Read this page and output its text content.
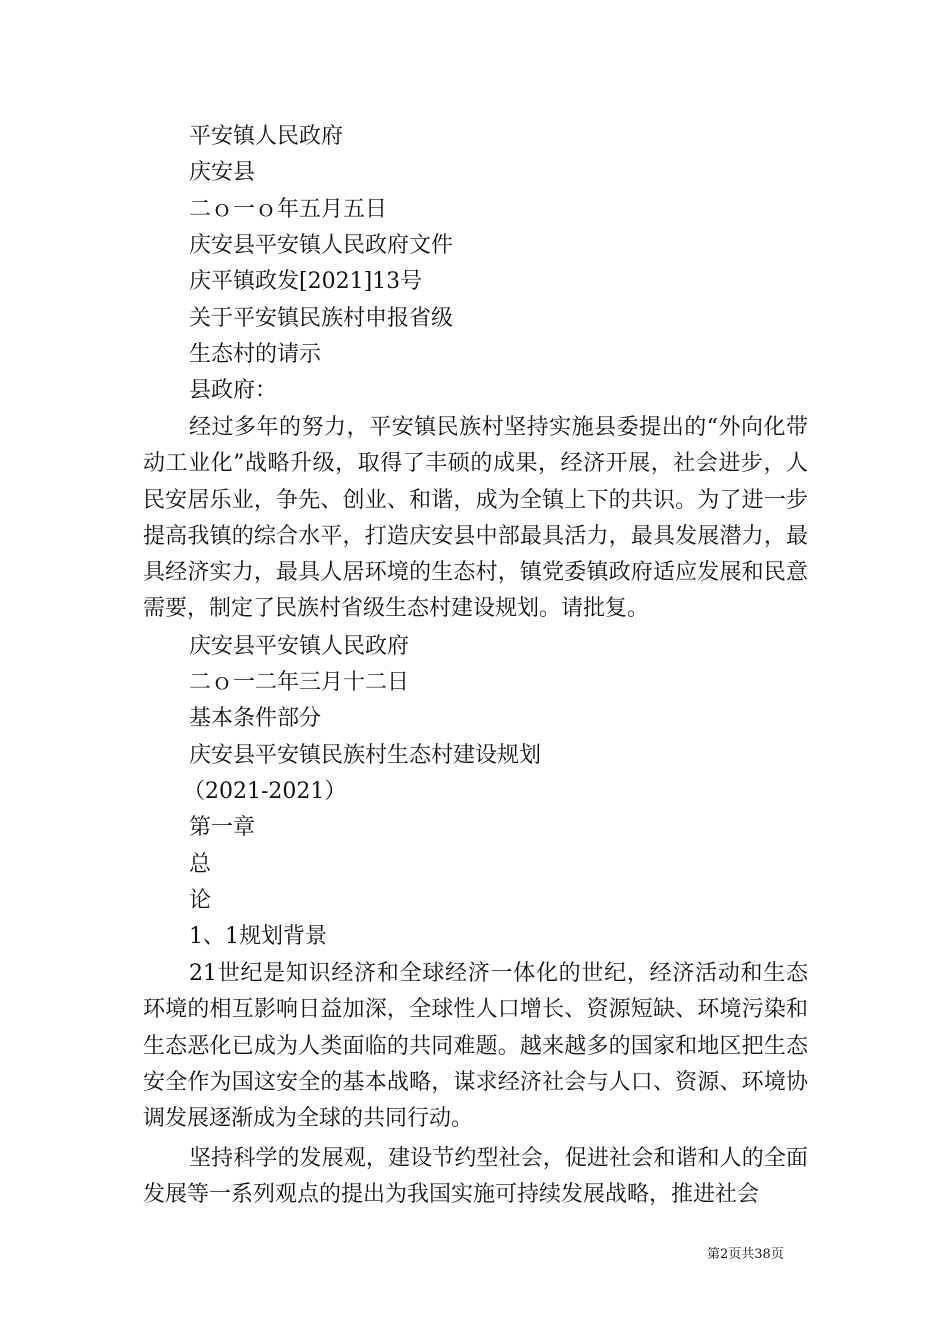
平安镇人民政府
庆安县
二ｏ一ｏ年五月五日
庆安县平安镇人民政府文件
庆平镇政发[2021]13号
关于平安镇民族村申报省级
生态村的请示
县政府：

经过多年的努力，平安镇民族村坚持实施县委提出的“外向化带动工业化”战略升级，取得了丰硕的成果，经济开展，社会进步，人民安居乐业，争先、创业、和谐，成为全镇上下的共识。为了进一步提高我镇的综合水平，打造庆安县中部最具活力，最具发展潜力，最具经济实力，最具人居环境的生态村，镇党委镇政府适应发展和民意需要，制定了民族村省级生态村建设规划。请批复。

庆安县平安镇人民政府
二ｏ一二年三月十二日
基本条件部分
庆安县平安镇民族村生态村建设规划
（2021-2021）
第一章
总
论
1、1规划背景

21世纪是知识经济和全球经济一体化的世纪，经济活动和生态环境的相互影响日益加深，全球性人口增长、资源短缺、环境污染和生态恶化已成为人类面临的共同难题。越来越多的国家和地区把生态安全作为国这安全的基本战略，谋求经济社会与人口、资源、环境协调发展逐渐成为全球的共同行动。

坚持科学的发展观，建设节约型社会，促进社会和谐和人的全面发展等一系列观点的提出为我国实施可持续发展战略，推进社会

第2页共38页
